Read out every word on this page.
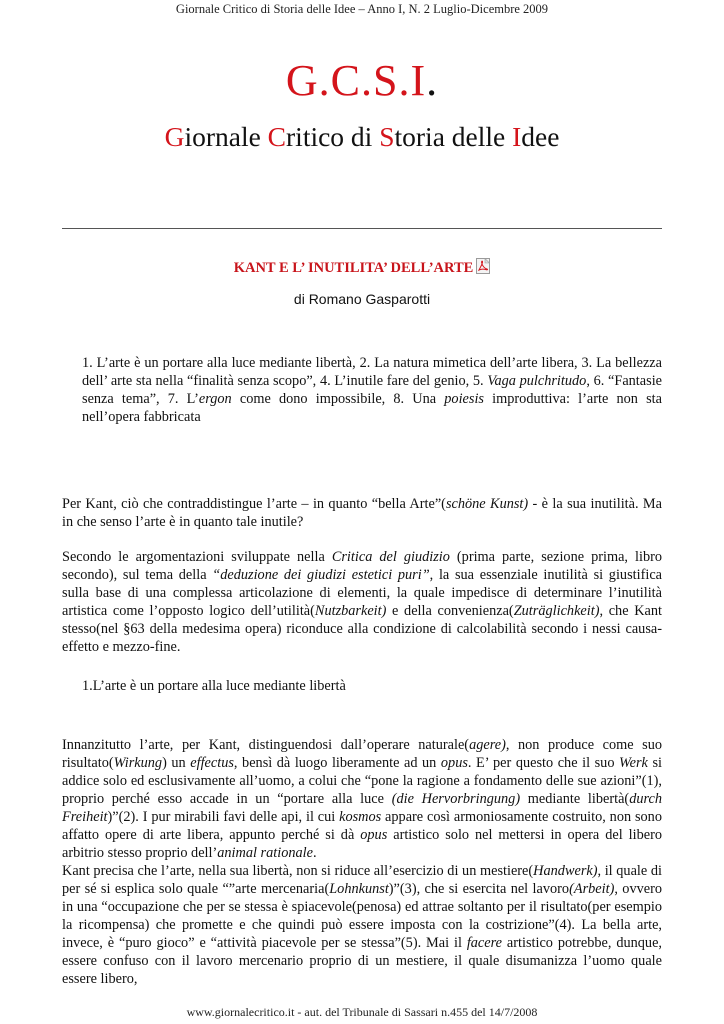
Giornale Critico di Storia delle Idee – Anno I, N. 2 Luglio-Dicembre 2009
G.C.S.I.
Giornale Critico di Storia delle Idee
KANT E L’ INUTILITA’ DELL’ARTE
di Romano Gasparotti

1. L’arte è un portare alla luce mediante libertà, 2. La natura mimetica dell’arte libera, 3. La bellezza dell’ arte sta nella “finalità senza scopo”, 4. L’inutile fare del genio, 5. Vaga pulchritudo, 6. “Fantasie senza tema”, 7. L’ergon come dono impossibile, 8. Una poiesis improduttiva: l’arte non sta nell’opera fabbricata

Per Kant, ciò che contraddistingue l’arte – in quanto “bella Arte”(schöne Kunst) - è la sua inutilità. Ma in che senso l’arte è in quanto tale inutile?

Secondo le argomentazioni sviluppate nella Critica del giudizio (prima parte, sezione prima, libro secondo), sul tema della “deduzione dei giudizi estetici puri”, la sua essenziale inutilità si giustifica sulla base di una complessa articolazione di elementi, la quale impedisce di determinare l’inutilità artistica come l’opposto logico dell’utilità(Nutzbarkeit) e della convenienza(Zuträglichkeit), che Kant stesso(nel §63 della medesima opera) riconduce alla condizione di calcolabilità secondo i nessi causa-effetto e mezzo-fine.

1.L’arte è un portare alla luce mediante libertà

Innanzitutto l’arte, per Kant, distinguendosi dall’operare naturale(agere), non produce come suo risultato(Wirkung) un effectus, bensì dà luogo liberamente ad un opus. E’ per questo che il suo Werk si addice solo ed esclusivamente all’uomo, a colui che “pone la ragione a fondamento delle sue azioni”(1), proprio perché esso accade in un “portare alla luce (die Hervorbringung) mediante libertà(durch Freiheit)”(2). I pur mirabili favi delle api, il cui kosmos appare così armoniosamente costruito, non sono affatto opere di arte libera, appunto perché si dà opus artistico solo nel mettersi in opera del libero arbitrio stesso proprio dell’animal rationale.

Kant precisa che l’arte, nella sua libertà, non si riduce all’esercizio di un mestiere(Handwerk), il quale di per sé si esplica solo quale “”arte mercenaria(Lohnkunst)”(3), che si esercita nel lavoro(Arbeit), ovvero in una “occupazione che per se stessa è spiacevole(penosa) ed attrae soltanto per il risultato(per esempio la ricompensa) che promette e che quindi può essere imposta con la costrizione”(4). La bella arte, invece, è “puro gioco” e “attività piacevole per se stessa”(5). Mai il facere artistico potrebbe, dunque, essere confuso con il lavoro mercenario proprio di un mestiere, il quale disumanizza l’uomo quale essere libero,

www.giornalecritico.it - aut. del Tribunale di Sassari n.455 del 14/7/2008
